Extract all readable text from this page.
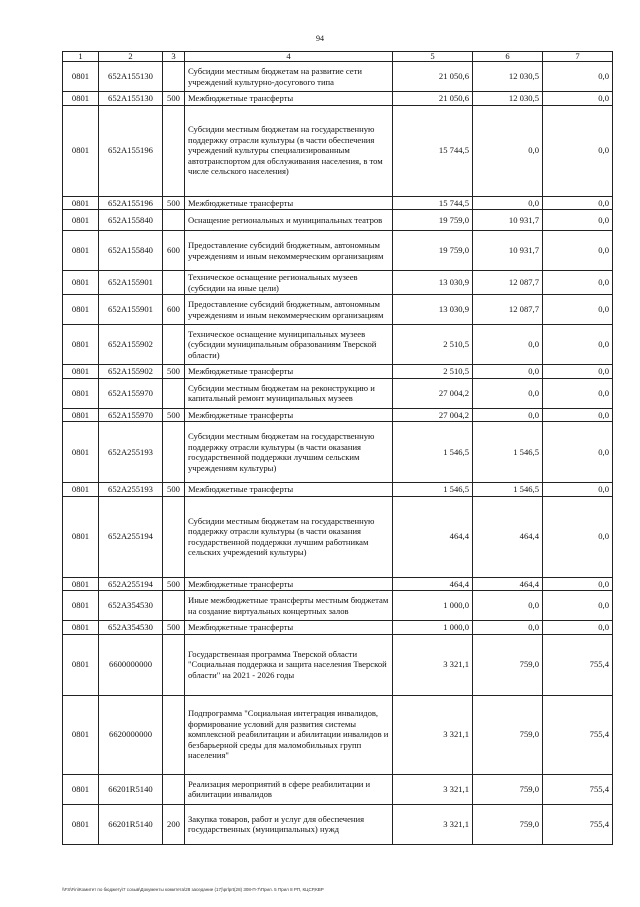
94
1	2	3	4	5	6	7
0801	652A155130		Субсидии местным бюджетам на развитие сети учреждений культурно-досугового типа	21 050,6	12 030,5	0,0
0801	652A155130	500	Межбюджетные трансферты	21 050,6	12 030,5	0,0
0801	652A155196		Субсидии местным бюджетам на государственную поддержку отрасли культуры (в части обеспечения учреждений культуры специализированным автотранспортом для обслуживания населения, в том числе сельского населения)	15 744,5	0,0	0,0
0801	652A155196	500	Межбюджетные трансферты	15 744,5	0,0	0,0
0801	652A155840		Оснащение региональных и муниципальных театров	19 759,0	10 931,7	0,0
0801	652A155840	600	Предоставление субсидий бюджетным, автономным учреждениям и иным некоммерческим организациям	19 759,0	10 931,7	0,0
0801	652A155901		Техническое оснащение региональных музеев (субсидии на иные цели)	13 030,9	12 087,7	0,0
0801	652A155901	600	Предоставление субсидий бюджетным, автономным учреждениям и иным некоммерческим организациям	13 030,9	12 087,7	0,0
0801	652A155902		Техническое оснащение муниципальных музеев (субсидии муниципальным образованиям Тверской области)	2 510,5	0,0	0,0
0801	652A155902	500	Межбюджетные трансферты	2 510,5	0,0	0,0
0801	652A155970		Субсидии местным бюджетам на реконструкцию и капитальный ремонт муниципальных музеев	27 004,2	0,0	0,0
0801	652A155970	500	Межбюджетные трансферты	27 004,2	0,0	0,0
0801	652A255193		Субсидии местным бюджетам на государственную поддержку отрасли культуры (в части оказания государственной поддержки лучшим сельским учреждениям культуры)	1 546,5	1 546,5	0,0
0801	652A255193	500	Межбюджетные трансферты	1 546,5	1 546,5	0,0
0801	652A255194		Субсидии местным бюджетам на государственную поддержку отрасли культуры (в части оказания государственной поддержки лучшим работникам сельских учреждений культуры)	464,4	464,4	0,0
0801	652A255194	500	Межбюджетные трансферты	464,4	464,4	0,0
0801	652A354530		Иные межбюджетные трансферты местным бюджетам на создание виртуальных концертных залов	1 000,0	0,0	0,0
0801	652A354530	500	Межбюджетные трансферты	1 000,0	0,0	0,0
0801	6600000000		Государственная программа Тверской области "Социальная поддержка и защита населения Тверской области" на 2021 - 2026 годы	3 321,1	759,0	755,4
0801	6620000000		Подпрограмма "Социальная интеграция инвалидов, формирование условий для развития системы комплексной реабилитации и абилитации инвалидов и безбарьерной среды для маломобильных групп населения"	3 321,1	759,0	755,4
0801	66201R5140		Реализация мероприятий в сфере реабилитации и абилитации инвалидов	3 321,1	759,0	755,4
0801	66201R5140	200	Закупка товаров, работ и услуг для обеспечения государственных (муниципальных) нужд	3 321,1	759,0	755,4
\\FS\Fin\Комитет по бюджету\7 созыв\Документы комитета\28 заседание (17)\prlprt(28) 308-П-7\Прил. 5 Прил 8 РП, КЦСР,КВР
